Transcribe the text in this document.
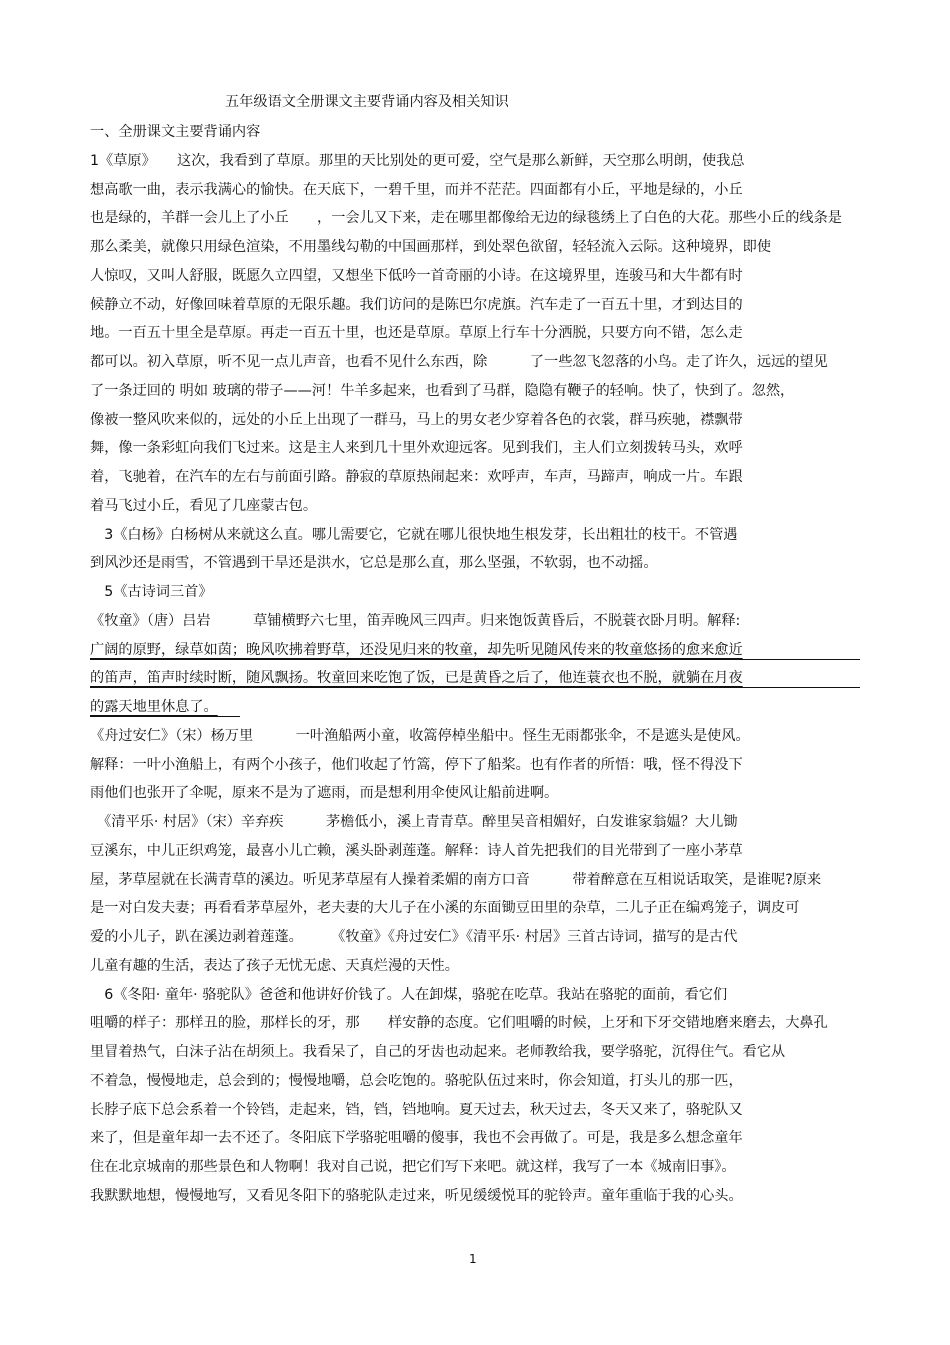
五年级语文全册课文主要背诵内容及相关知识
一、全册课文主要背诵内容
1《草原》　　这次，我看到了草原。那里的天比别处的更可爱，空气是那么新鲜，天空那么明朗，使我总
想高歌一曲，表示我满心的愉快。在天底下，一碧千里，而并不茫茫。四面都有小丘，平地是绿的，小丘
也是绿的，羊群一会儿上了小丘　　，一会儿又下来，走在哪里都像给无边的绿毯绣上了白色的大花。那些小丘的线条是
那么柔美，就像只用绿色渲染，不用墨线勾勒的中国画那样，到处翠色欲留，轻轻流入云际。这种境界，即使
人惊叹，又叫人舒服，既愿久立四望，又想坐下低吟一首奇丽的小诗。在这境界里，连骏马和大牛都有时
候静立不动，好像回味着草原的无限乐趣。我们访问的是陈巴尔虎旗。汽车走了一百五十里，才到达目的
地。一百五十里全是草原。再走一百五十里，也还是草原。草原上行车十分洒脱，只要方向不错，怎么走
都可以。初入草原，听不见一点儿声音，也看不见什么东西，除　　　了一些忽飞忽落的小鸟。走了许久，远远的望见
了一条迂回的 明如 玻璃的带子——河！牛羊多起来，也看到了马群，隐隐有鞭子的轻响。快了，快到了。忽然，
像被一整风吹来似的，远处的小丘上出现了一群马，马上的男女老少穿着各色的衣裳，群马疾驰，襟飘带
舞，像一条彩虹向我们飞过来。这是主人来到几十里外欢迎远客。见到我们，主人们立刻拨转马头，欢呼
着，飞驰着，在汽车的左右与前面引路。静寂的草原热闹起来：欢呼声，车声，马蹄声，响成一片。车跟
着马飞过小丘，看见了几座蒙古包。
　3《白杨》白杨树从来就这么直。哪儿需要它，它就在哪儿很快地生根发芽，长出粗壮的枝干。不管遇
到风沙还是雨雪，不管遇到干旱还是洪水，它总是那么直，那么坚强，不软弱，也不动摇。
　5《古诗词三首》
《牧童》（唐）吕岩　　　草铺横野六七里，笛弄晚风三四声。归来饱饭黄昏后，不脱蓑衣卧月明。解释:
广阔的原野，绿草如茵；晚风吹拂着野草，还没见归来的牧童，却先听见随风传来的牧童悠扬的愈来愈近
的笛声，笛声时续时断，随风飘扬。牧童回来吃饱了饭，已是黄昏之后了，他连蓑衣也不脱，就躺在月夜
的露天地里休息了。
《舟过安仁》（宋）杨万里　　　一叶渔船两小童，收篙停棹坐船中。怪生无雨都张伞，不是遮头是使风。
解释：一叶小渔船上，有两个小孩子，他们收起了竹篙，停下了船桨。也有作者的所悟：哦，怪不得没下
雨他们也张开了伞呢，原来不是为了遮雨，而是想利用伞使风让船前进啊。
　《清平乐· 村居》（宋）辛弃疾　　　茅檐低小，溪上青青草。醉里吴音相媚好，白发谁家翁媪？大儿锄
豆溪东，中儿正织鸡笼，最喜小儿亡赖，溪头卧剥莲蓬。解释：诗人首先把我们的目光带到了一座小茅草
屋，茅草屋就在长满青草的溪边。听见茅草屋有人操着柔媚的南方口音　　　带着醉意在互相说话取笑，是谁呢?原来
是一对白发夫妻；再看看茅草屋外，老夫妻的大儿子在小溪的东面锄豆田里的杂草，二儿子正在编鸡笼子，调皮可
爱的小儿子，趴在溪边剥着莲蓬。　　　《牧童》《舟过安仁》《清平乐· 村居》三首古诗词，描写的是古代
儿童有趣的生活，表达了孩子无忧无虑、天真烂漫的天性。
　6《冬阳· 童年· 骆驼队》爸爸和他讲好价钱了。人在卸煤，骆驼在吃草。我站在骆驼的面前，看它们
咀嚼的样子：那样丑的脸，那样长的牙，那　　样安静的态度。它们咀嚼的时候，上牙和下牙交错地磨来磨去，大鼻孔
里冒着热气，白沫子沾在胡须上。我看呆了，自己的牙齿也动起来。老师教给我，要学骆驼，沉得住气。看它从
不着急，慢慢地走，总会到的；慢慢地嚼，总会吃饱的。骆驼队伍过来时，你会知道，打头儿的那一匹，
长脖子底下总会系着一个铃铛，走起来，铛，铛，铛地响。夏天过去，秋天过去，冬天又来了，骆驼队又
来了，但是童年却一去不还了。冬阳底下学骆驼咀嚼的傻事，我也不会再做了。可是，我是多么想念童年
住在北京城南的那些景色和人物啊！我对自己说，把它们写下来吧。就这样，我写了一本《城南旧事》。
我默默地想，慢慢地写，又看见冬阳下的骆驼队走过来，听见缓缓悦耳的驼铃声。童年重临于我的心头。
1
